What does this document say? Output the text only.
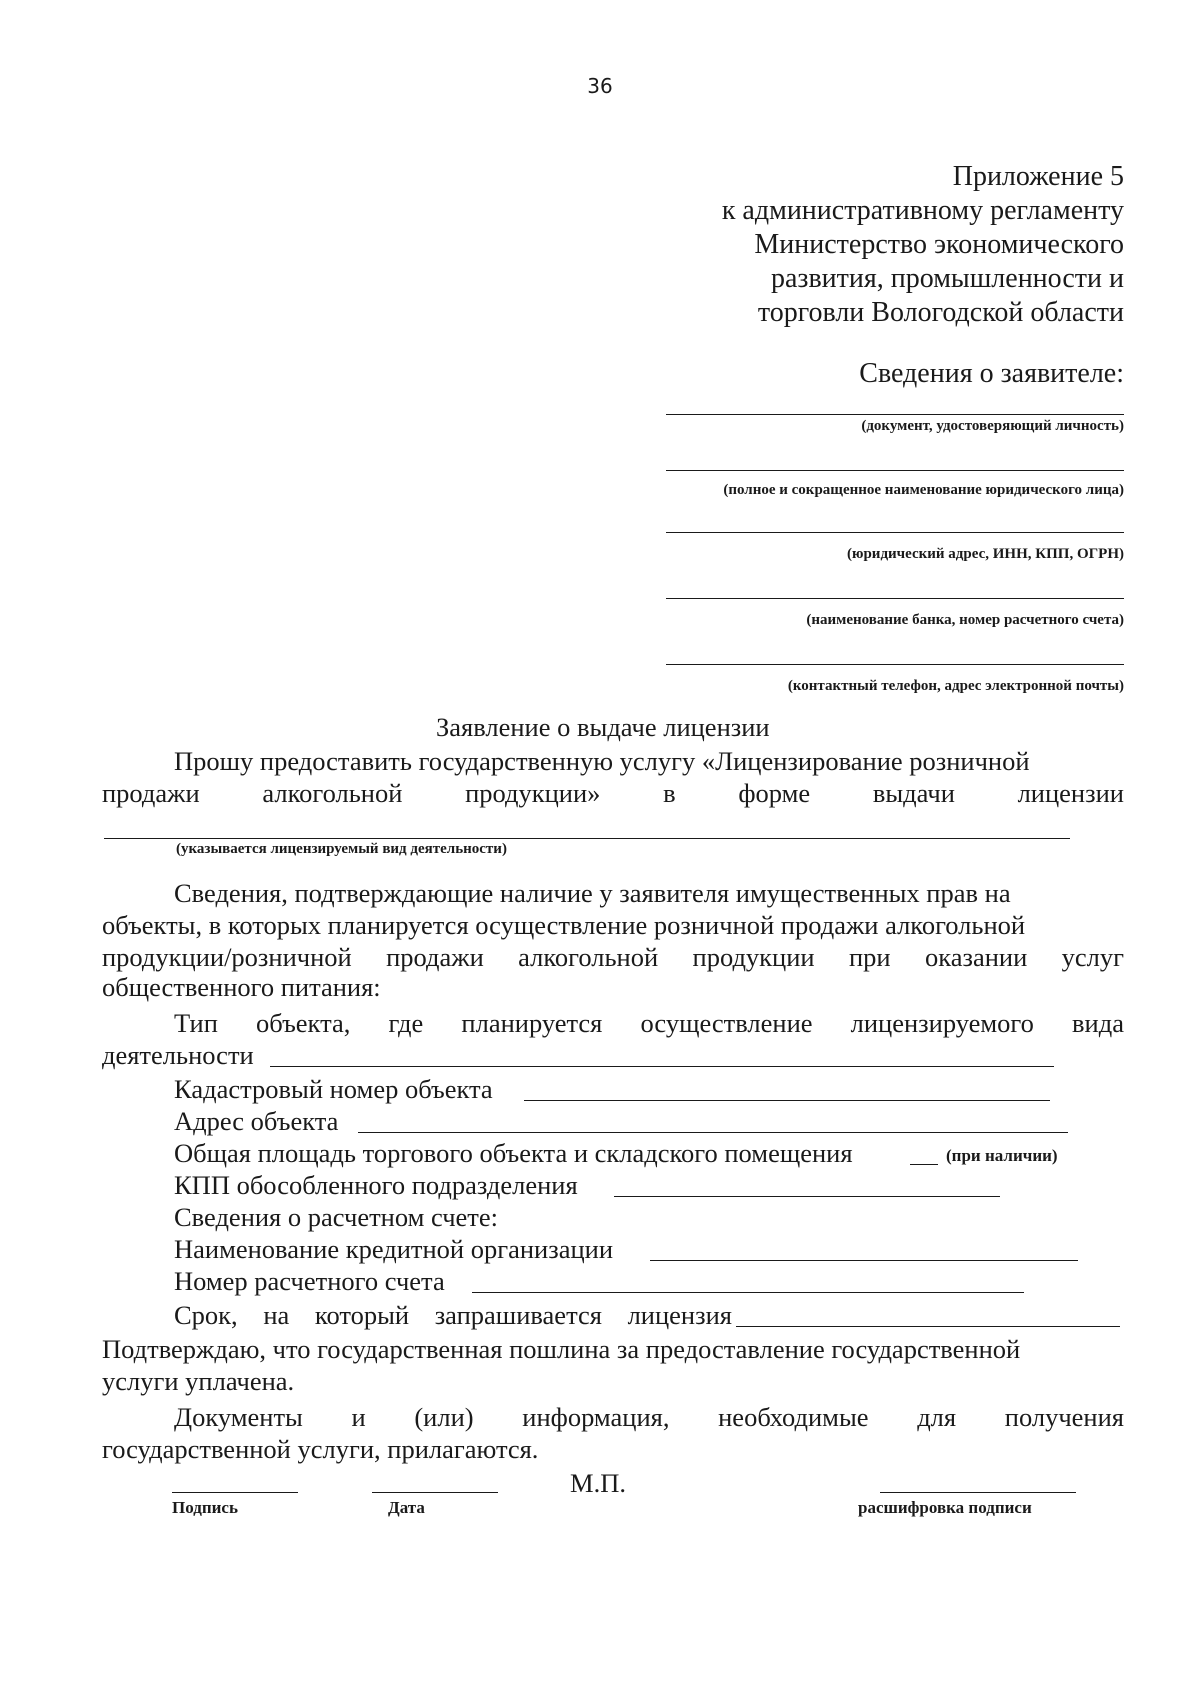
36
Приложение 5
к административному регламенту
Министерство экономического
развития, промышленности и
торговли Вологодской области
Сведения о заявителе:
(документ, удостоверяющий личность)
(полное и сокращенное наименование юридического лица)
(юридический адрес, ИНН, КПП, ОГРН)
(наименование банка, номер расчетного счета)
(контактный телефон, адрес электронной почты)
Заявление о выдаче лицензии
Прошу предоставить государственную услугу «Лицензирование розничной
продажи алкогольной продукции» в форме выдачи лицензии
(указывается лицензируемый вид деятельности)
Сведения, подтверждающие наличие у заявителя имущественных прав на
объекты, в которых планируется осуществление розничной продажи алкогольной
продукции/розничной продажи алкогольной продукции при оказании услуг
общественного питания:
Тип объекта, где планируется осуществление лицензируемого вида
деятельности
Кадастровый номер объекта
Адрес объекта
Общая площадь торгового объекта и складского помещения	(при наличии)
КПП обособленного подразделения
Сведения о расчетном счете:
Наименование кредитной организации
Номер расчетного счета
Срок, на который запрашивается лицензия
Подтверждаю, что государственная пошлина за предоставление государственной
услуги уплачена.
Документы и (или) информация, необходимые для получения
государственной услуги, прилагаются.
М.П.
Подпись	Дата	расшифровка подписи
